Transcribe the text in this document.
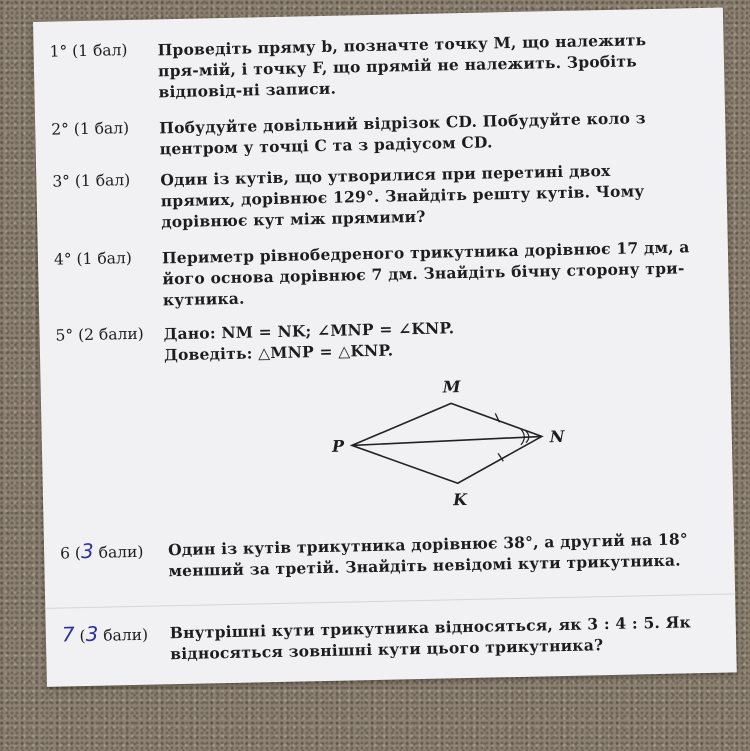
1° (1 бал)	Проведіть пряму b, позначте точку M, що належить пря-мій, і точку F, що прямій не належить. Зробіть відповід-ні записи.
2° (1 бал)	Побудуйте довільний відрізок CD. Побудуйте коло з центром у точці C та з радіусом CD.
3° (1 бал)	Один із кутів, що утворилися при перетині двох прямих, дорівнює 129°. Знайдіть решту кутів. Чому дорівнює кут між прямими?
4° (1 бал)	Периметр рівнобедреного трикутника дорівнює 17 дм, а його основа дорівнює 7 дм. Знайдіть бічну сторону три-кутника.
5° (2 бали)	Дано: NM = NK; ∠MNP = ∠KNP.
Доведіть: △MNP = △KNP.
M
N
P
K
6 (3 бали)	Один із кутів трикутника дорівнює 38°, а другий на 18° менший за третій. Знайдіть невідомі кути трикутника.
7 (3 бали)	Внутрішні кути трикутника відносяться, як 3 : 4 : 5. Як відносяться зовнішні кути цього трикутника?
